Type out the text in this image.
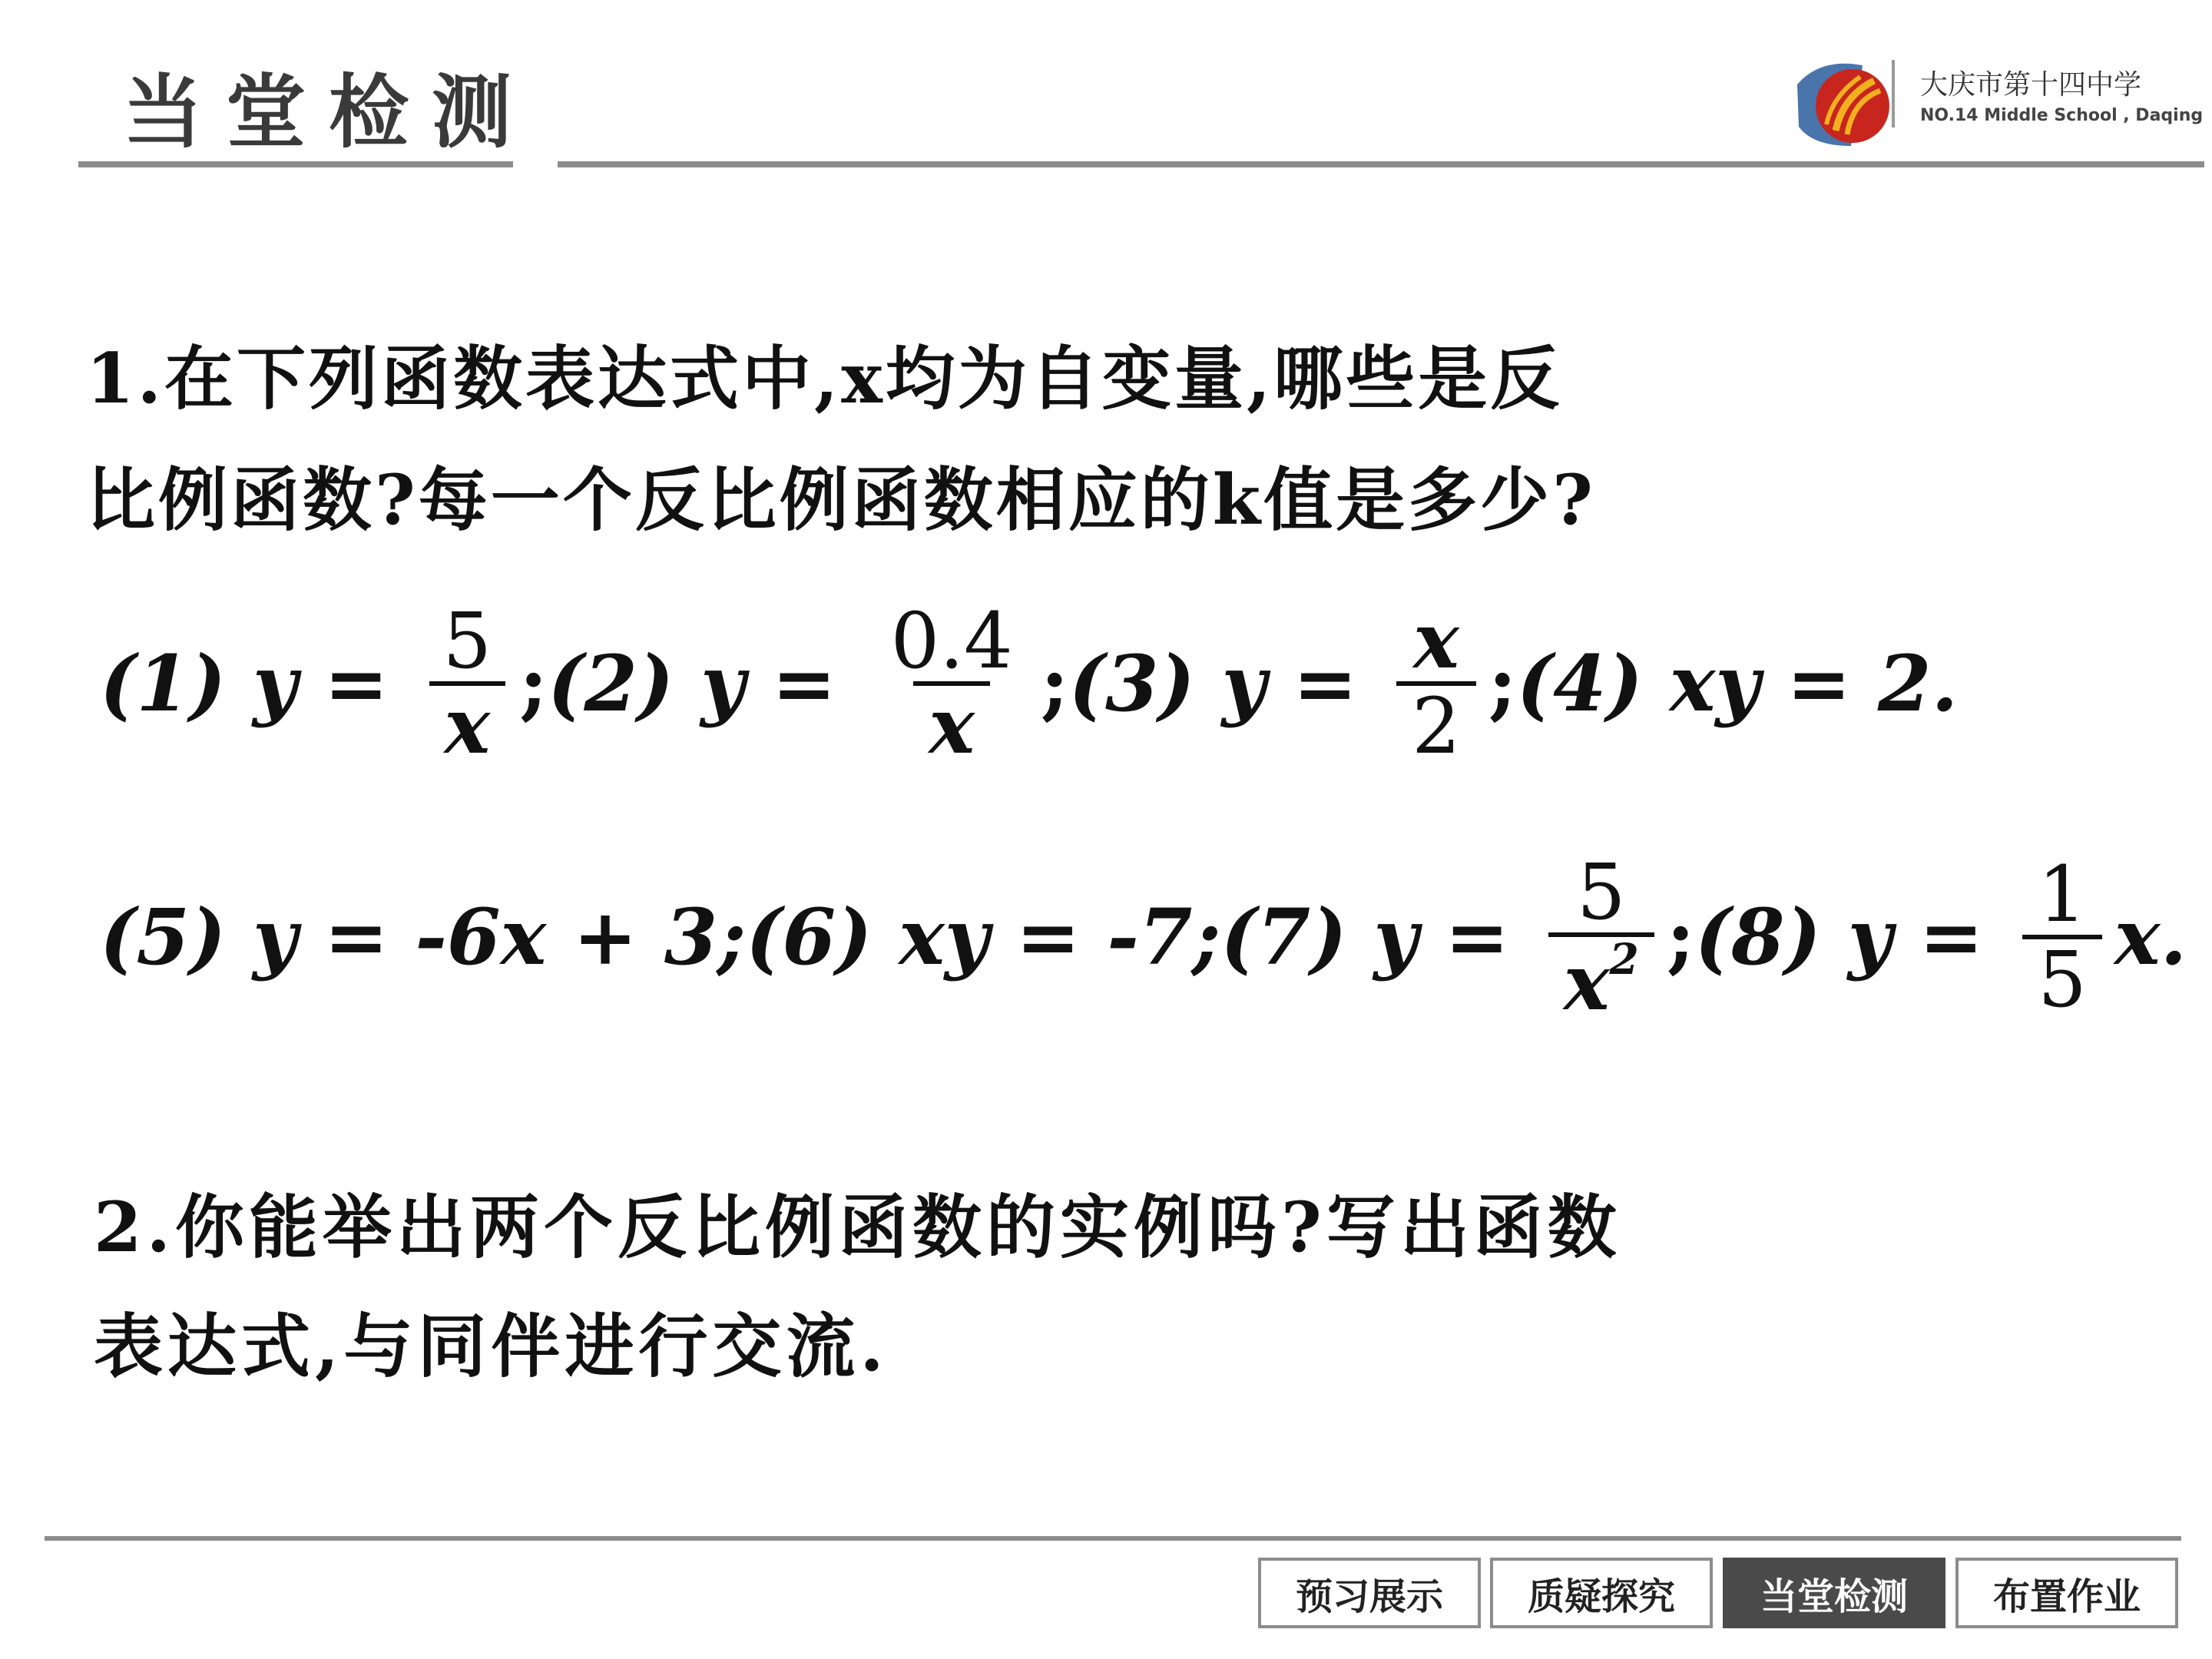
当堂检测	大庆市第十四中学
NO.14 Middle School , Daqing
1.在下列函数表达式中,x均为自变量,哪些是反
比例函数?每一个反比例函数相应的k值是多少?
(1) $y = \frac{5}{x}$ ; (2) $y = \frac{0.4}{x}$ ; (3) $y = \frac{x}{2}$ ; (4) xy = 2.
(5) y = -6x + 3; (6) xy = -7; (7) $y = \frac{5}{x^2}$ ; (8) $y = \frac{1}{5} x$.
2.你能举出两个反比例函数的实例吗?写出函数
表达式,与同伴进行交流.
预习展示	质疑探究	当堂检测	布置作业
